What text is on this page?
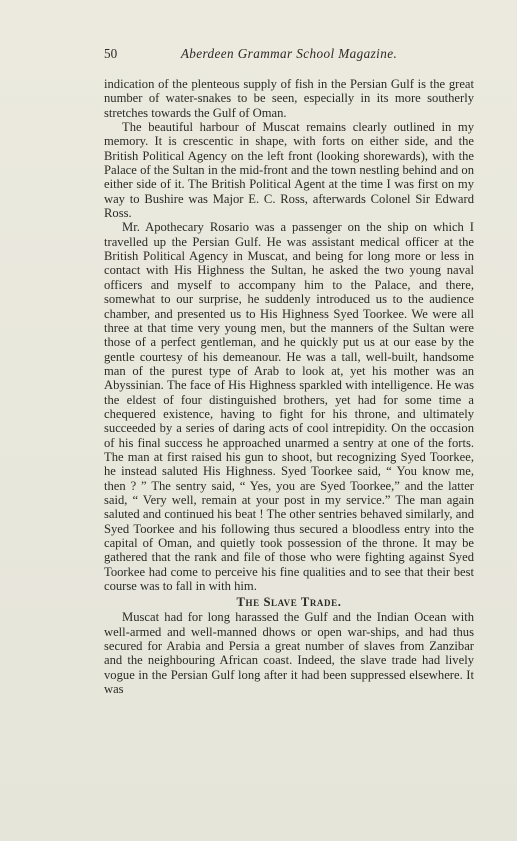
50	Aberdeen Grammar School Magazine.

indication of the plenteous supply of fish in the Persian Gulf is the great number of water-snakes to be seen, especially in its more southerly stretches towards the Gulf of Oman.

The beautiful harbour of Muscat remains clearly outlined in my memory. It is crescentic in shape, with forts on either side, and the British Political Agency on the left front (looking shorewards), with the Palace of the Sultan in the mid-front and the town nestling behind and on either side of it. The British Political Agent at the time I was first on my way to Bushire was Major E. C. Ross, afterwards Colonel Sir Edward Ross.

Mr. Apothecary Rosario was a passenger on the ship on which I travelled up the Persian Gulf. He was assistant medical officer at the British Political Agency in Muscat, and being for long more or less in contact with His Highness the Sultan, he asked the two young naval officers and myself to accompany him to the Palace, and there, somewhat to our surprise, he suddenly introduced us to the audience chamber, and presented us to His Highness Syed Toorkee. We were all three at that time very young men, but the manners of the Sultan were those of a perfect gentleman, and he quickly put us at our ease by the gentle courtesy of his demeanour. He was a tall, well-built, handsome man of the purest type of Arab to look at, yet his mother was an Abyssinian. The face of His Highness sparkled with intelligence. He was the eldest of four distinguished brothers, yet had for some time a chequered existence, having to fight for his throne, and ultimately succeeded by a series of daring acts of cool intrepidity. On the occasion of his final success he approached unarmed a sentry at one of the forts. The man at first raised his gun to shoot, but recognizing Syed Toorkee, he instead saluted His Highness. Syed Toorkee said, “ You know me, then ? ” The sentry said, “ Yes, you are Syed Toorkee,” and the latter said, “ Very well, remain at your post in my service.” The man again saluted and continued his beat ! The other sentries behaved similarly, and Syed Toorkee and his following thus secured a bloodless entry into the capital of Oman, and quietly took possession of the throne. It may be gathered that the rank and file of those who were fighting against Syed Toorkee had come to perceive his fine qualities and to see that their best course was to fall in with him.

The Slave Trade.

Muscat had for long harassed the Gulf and the Indian Ocean with well-armed and well-manned dhows or open war-ships, and had thus secured for Arabia and Persia a great number of slaves from Zanzibar and the neighbouring African coast. Indeed, the slave trade had lively vogue in the Persian Gulf long after it had been suppressed elsewhere. It was
